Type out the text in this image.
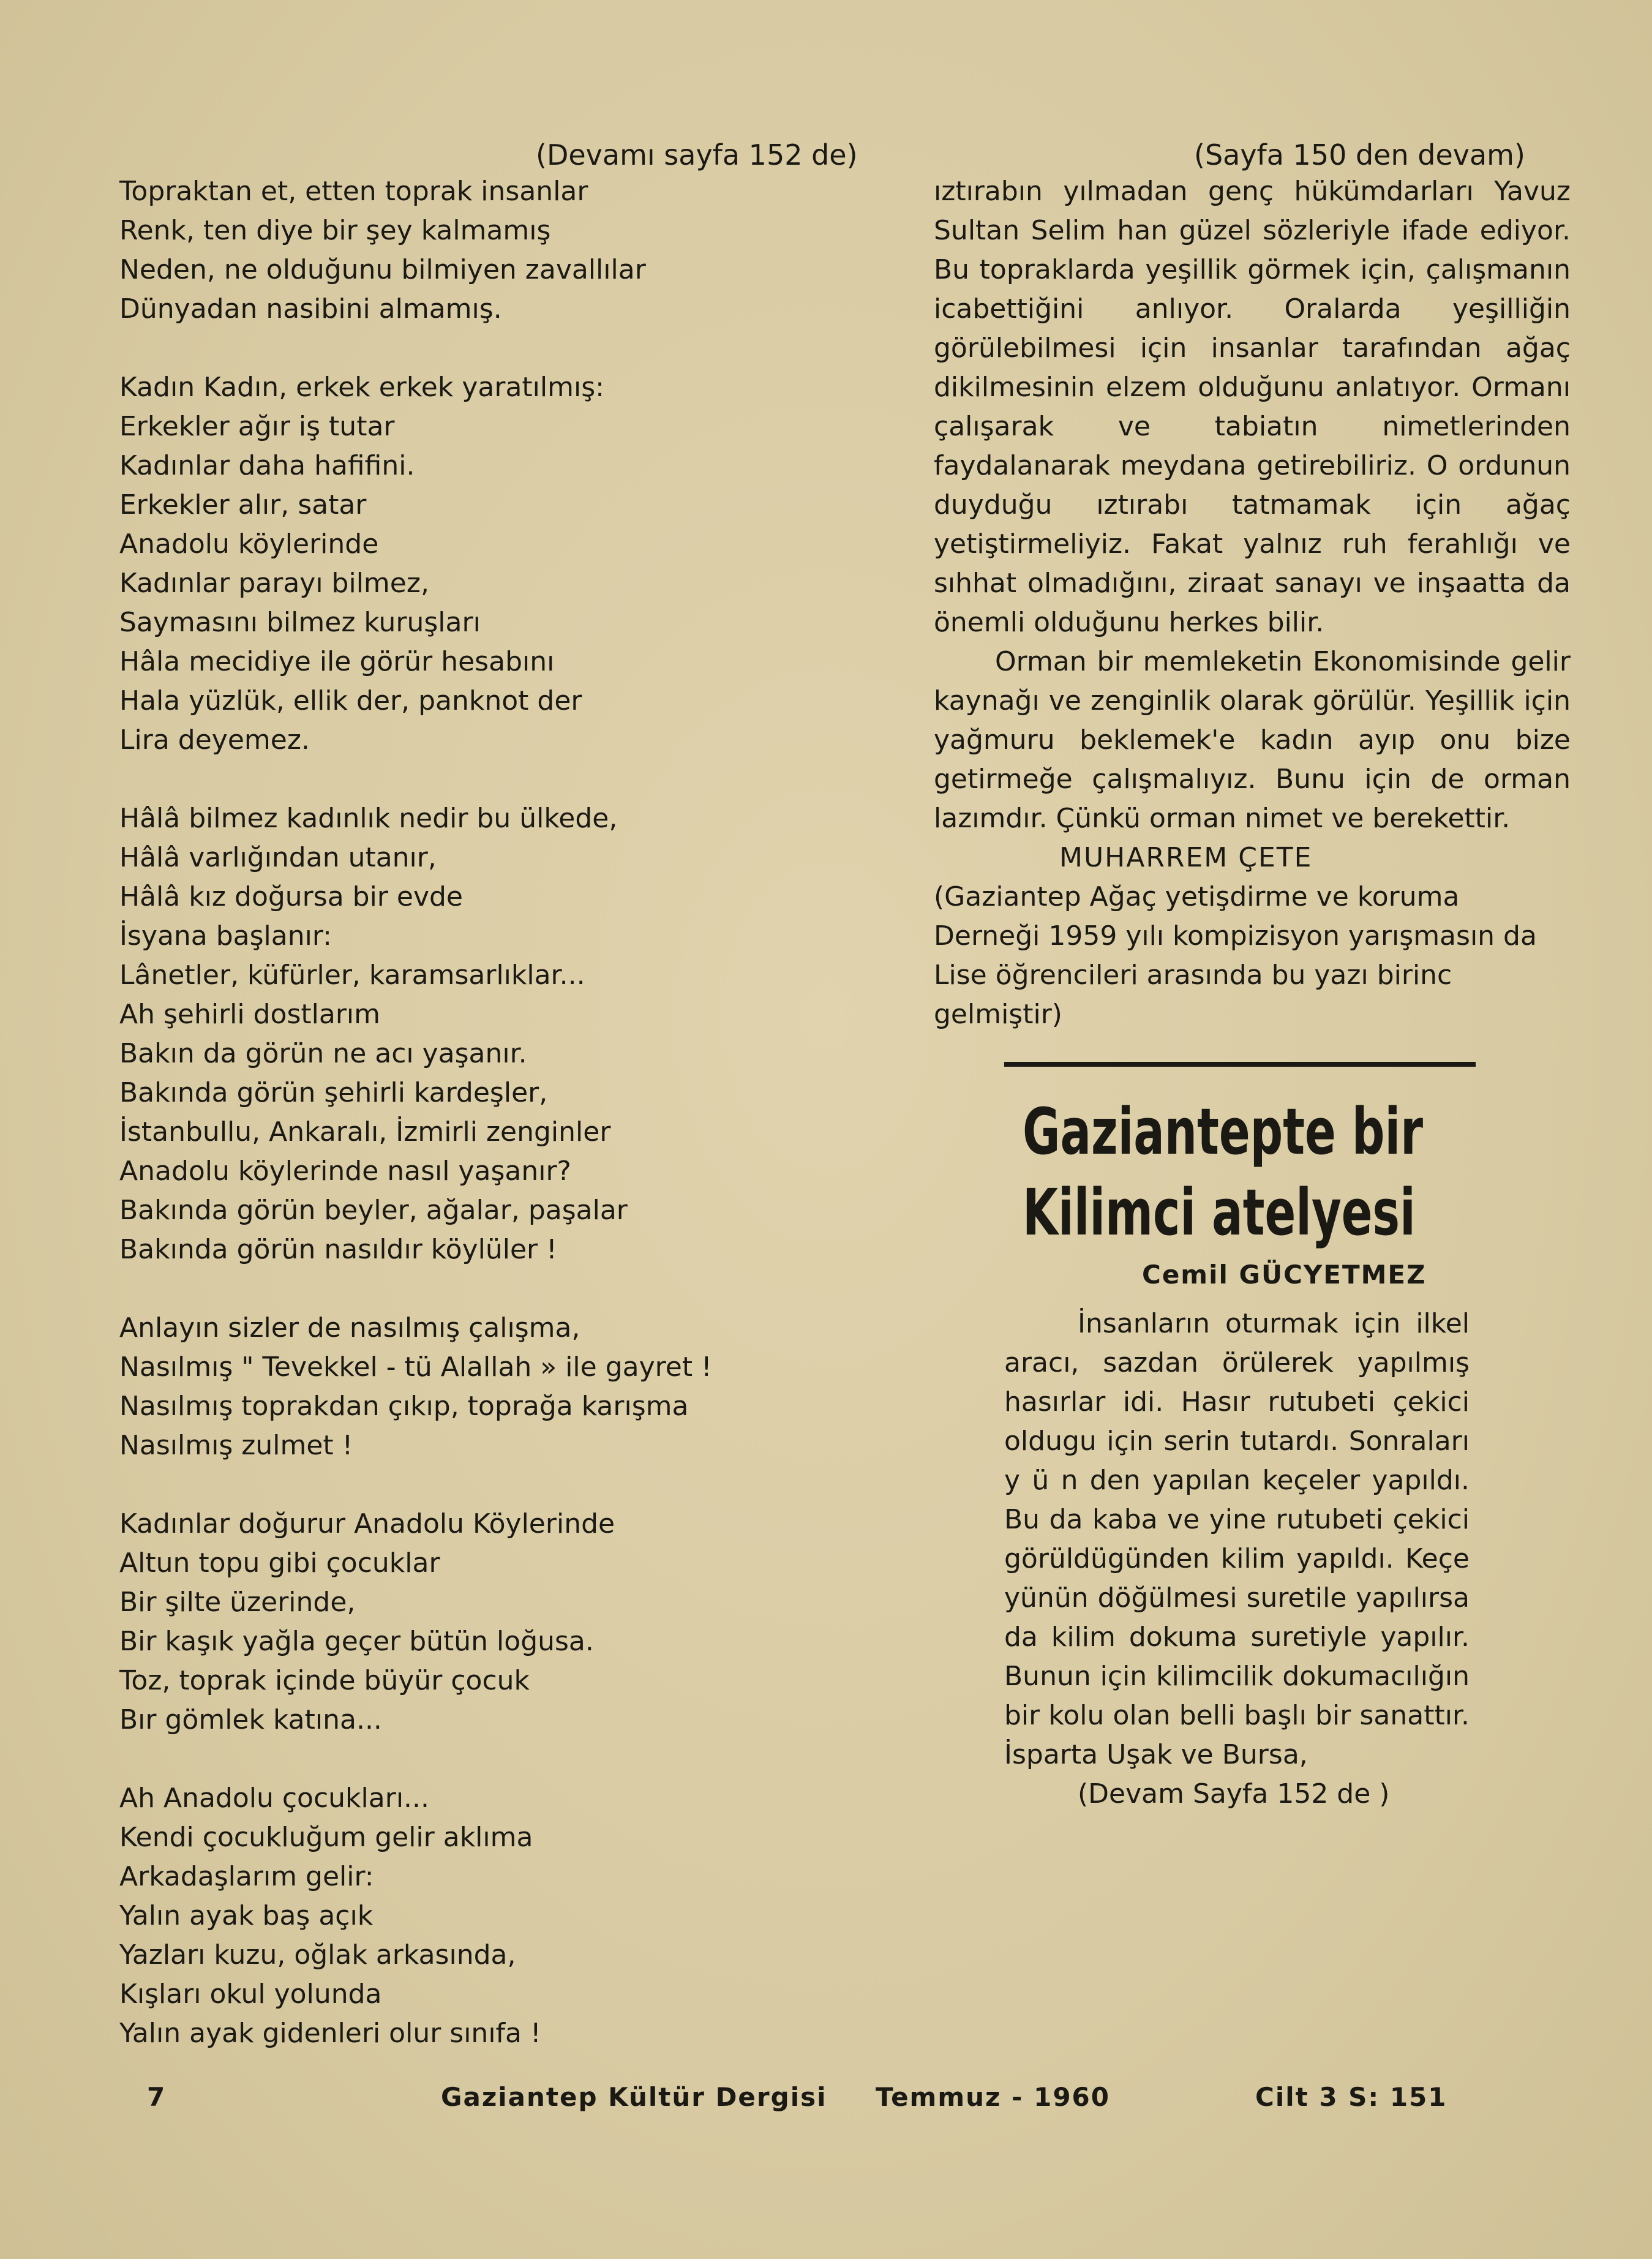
(Devamı sayfa 152 de)
Topraktan et, etten toprak insanlar
Renk, ten diye bir şey kalmamış
Neden, ne olduğunu bilmiyen zavallılar
Dünyadan nasibini almamış.
Kadın Kadın, erkek erkek yaratılmış:
Erkekler ağır iş tutar
Kadınlar daha hafifini.
Erkekler alır, satar
Anadolu köylerinde
Kadınlar parayı bilmez,
Saymasını bilmez kuruşları
Hâla mecidiye ile görür hesabını
Hala yüzlük, ellik der, panknot der
Lira deyemez.
Hâlâ bilmez kadınlık nedir bu ülkede,
Hâlâ varlığından utanır,
Hâlâ kız doğursa bir evde
İsyana başlanır:
Lânetler, küfürler, karamsarlıklar...
Ah şehirli dostlarım
Bakın da görün ne acı yaşanır.
Bakında görün şehirli kardeşler,
İstanbullu, Ankaralı, İzmirli zenginler
Anadolu köylerinde nasıl yaşanır?
Bakında görün beyler, ağalar, paşalar
Bakında görün nasıldır köylüler !
Anlayın sizler de nasılmış çalışma,
Nasılmış " Tevekkel - tü Alallah » ile gayret !
Nasılmış toprakdan çıkıp, toprağa karışma
Nasılmış zulmet !
Kadınlar doğurur Anadolu Köylerinde
Altun topu gibi çocuklar
Bir şilte üzerinde,
Bir kaşık yağla geçer bütün loğusa.
Toz, toprak içinde büyür çocuk
Bır gömlek katına...
Ah Anadolu çocukları...
Kendi çocukluğum gelir aklıma
Arkadaşlarım gelir:
Yalın ayak baş açık
Yazları kuzu, oğlak arkasında,
Kışları okul yolunda
Yalın ayak gidenleri olur sınıfa !
(Sayfa 150 den devam)

ıztırabın yılmadan genç hükümdarları Yavuz Sultan Selim han güzel sözleriyle ifade ediyor. Bu topraklarda yeşillik görmek için, çalışmanın icabettiğini anlıyor. Oralarda yeşilliğin görülebilmesi için insanlar tarafından ağaç dikilmesinin elzem olduğunu anlatıyor. Ormanı çalışarak ve tabiatın nimetlerinden faydalanarak meydana getirebiliriz. O ordunun duyduğu ıztırabı tatmamak için ağaç yetiştirmeliyiz. Fakat yalnız ruh ferahlığı ve sıhhat olmadığını, ziraat sanayı ve inşaatta da önemli olduğunu herkes bilir.

Orman bir memleketin Ekonomisinde gelir kaynağı ve zenginlik olarak görülür. Yeşillik için yağmuru beklemek'e kadın ayıp onu bize getirmeğe çalışmalıyız. Bunu için de orman lazımdır. Çünkü orman nimet ve berekettir.

MUHARREM ÇETE
(Gaziantep Ağaç yetişdirme ve koruma Derneği 1959 yılı kompizisyon yarışmasın da Lise öğrencileri arasında bu yazı birinc gelmiştir)
Gaziantepte bir
Kilimci atelyesi
Cemil GÜCYETMEZ
İnsanların oturmak için ilkel aracı, sazdan örülerek yapılmış hasırlar idi. Hasır rutubeti çekici oldugu için serin tutardı. Sonraları y ü n den yapılan keçeler yapıldı. Bu da kaba ve yine rutubeti çekici görüldügünden kilim yapıldı. Keçe yünün döğülmesi suretile yapılırsa da kilim dokuma suretiyle yapılır. Bunun için kilimcilik dokumacılığın bir kolu olan belli başlı bir sanattır. İsparta Uşak ve Bursa,
(Devam Sayfa 152 de )
7	Gaziantep Kültür Dergisi Temmuz - 1960	Cilt 3 S: 151
